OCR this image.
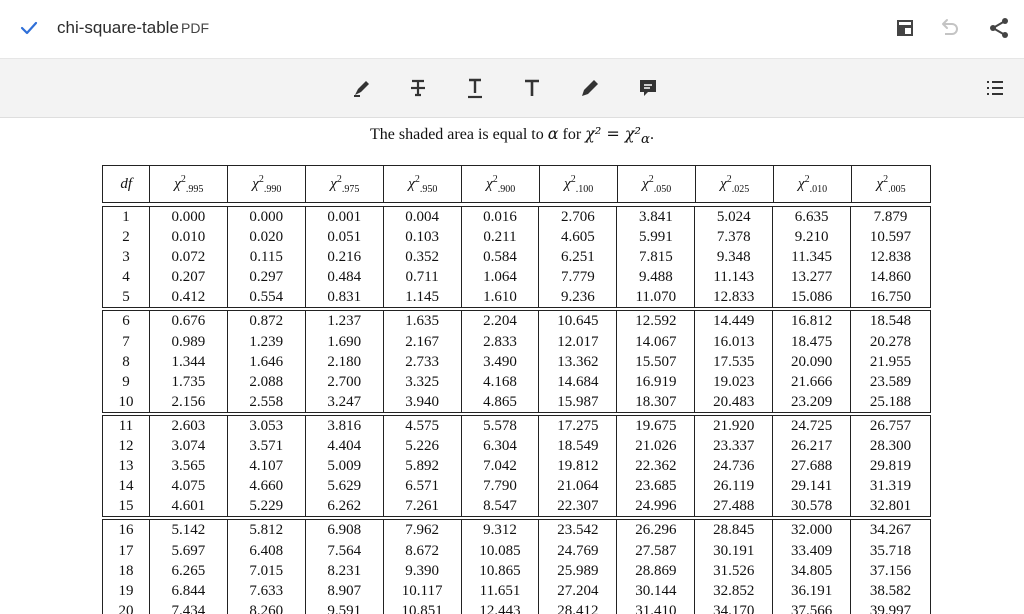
chi-square-table PDF
The shaded area is equal to α for $\chi^2 = \chi^2_\alpha$.
df	$\chi^2_{.995}$	$\chi^2_{.990}$	$\chi^2_{.975}$	$\chi^2_{.950}$	$\chi^2_{.900}$	$\chi^2_{.100}$	$\chi^2_{.050}$	$\chi^2_{.025}$	$\chi^2_{.010}$	$\chi^2_{.005}$
1	0.000	0.000	0.001	0.004	0.016	2.706	3.841	5.024	6.635	7.879
2	0.010	0.020	0.051	0.103	0.211	4.605	5.991	7.378	9.210	10.597
3	0.072	0.115	0.216	0.352	0.584	6.251	7.815	9.348	11.345	12.838
4	0.207	0.297	0.484	0.711	1.064	7.779	9.488	11.143	13.277	14.860
5	0.412	0.554	0.831	1.145	1.610	9.236	11.070	12.833	15.086	16.750
6	0.676	0.872	1.237	1.635	2.204	10.645	12.592	14.449	16.812	18.548
7	0.989	1.239	1.690	2.167	2.833	12.017	14.067	16.013	18.475	20.278
8	1.344	1.646	2.180	2.733	3.490	13.362	15.507	17.535	20.090	21.955
9	1.735	2.088	2.700	3.325	4.168	14.684	16.919	19.023	21.666	23.589
10	2.156	2.558	3.247	3.940	4.865	15.987	18.307	20.483	23.209	25.188
11	2.603	3.053	3.816	4.575	5.578	17.275	19.675	21.920	24.725	26.757
12	3.074	3.571	4.404	5.226	6.304	18.549	21.026	23.337	26.217	28.300
13	3.565	4.107	5.009	5.892	7.042	19.812	22.362	24.736	27.688	29.819
14	4.075	4.660	5.629	6.571	7.790	21.064	23.685	26.119	29.141	31.319
15	4.601	5.229	6.262	7.261	8.547	22.307	24.996	27.488	30.578	32.801
16	5.142	5.812	6.908	7.962	9.312	23.542	26.296	28.845	32.000	34.267
17	5.697	6.408	7.564	8.672	10.085	24.769	27.587	30.191	33.409	35.718
18	6.265	7.015	8.231	9.390	10.865	25.989	28.869	31.526	34.805	37.156
19	6.844	7.633	8.907	10.117	11.651	27.204	30.144	32.852	36.191	38.582
20	7.434	8.260	9.591	10.851	12.443	28.412	31.410	34.170	37.566	39.997
